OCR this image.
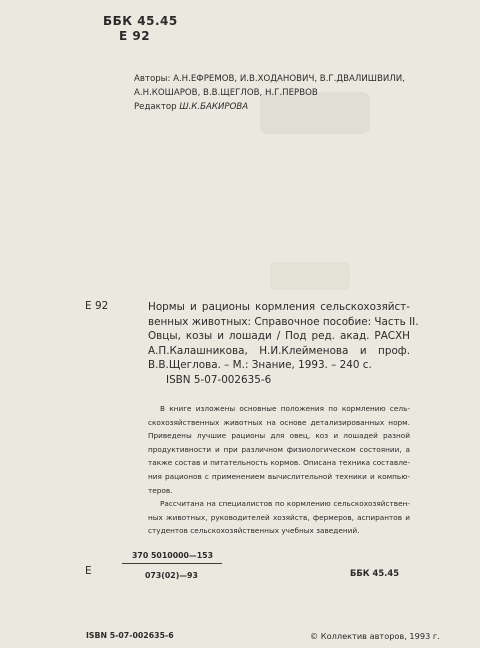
ББК 45.45
Е 92
Авторы: А.Н.ЕФРЕМОВ, И.В.ХОДАНОВИЧ, В.Г.ДВАЛИШВИЛИ,
А.Н.КОШАРОВ, В.В.ЩЕГЛОВ, Н.Г.ПЕРВОВ
Редактор Ш.К.БАКИРОВА
Е 92	Нормы и рационы кормления сельскохозяйст-
венных животных: Справочное пособие: Часть II.
Овцы, козы и лошади / Под ред. акад. РАСХН
А.П.Калашникова, Н.И.Клейменова и проф.
В.В.Щеглова. – М.: Знание, 1993. – 240 с.
ISBN 5-07-002635-6
В книге изложены основные положения по кормлению сель-
скохозяйственных животных на основе детализированных норм.
Приведены лучшие рационы для овец, коз и лошадей разной
продуктивности и при различном физиологическом состоянии, а
также состав и питательность кормов. Описана техника составле-
ния рационов с применением вычислительной техники и компью-
теров.
Рассчитана на специалистов по кормлению сельскохозяйствен-
ных животных, руководителей хозяйств, фермеров, аспирантов и
студентов сельскохозяйственных учебных заведений.
370 5010000—153
Е	073(02)—93	ББК 45.45
ISBN 5-07-002635-6	© Коллектив авторов, 1993 г.
